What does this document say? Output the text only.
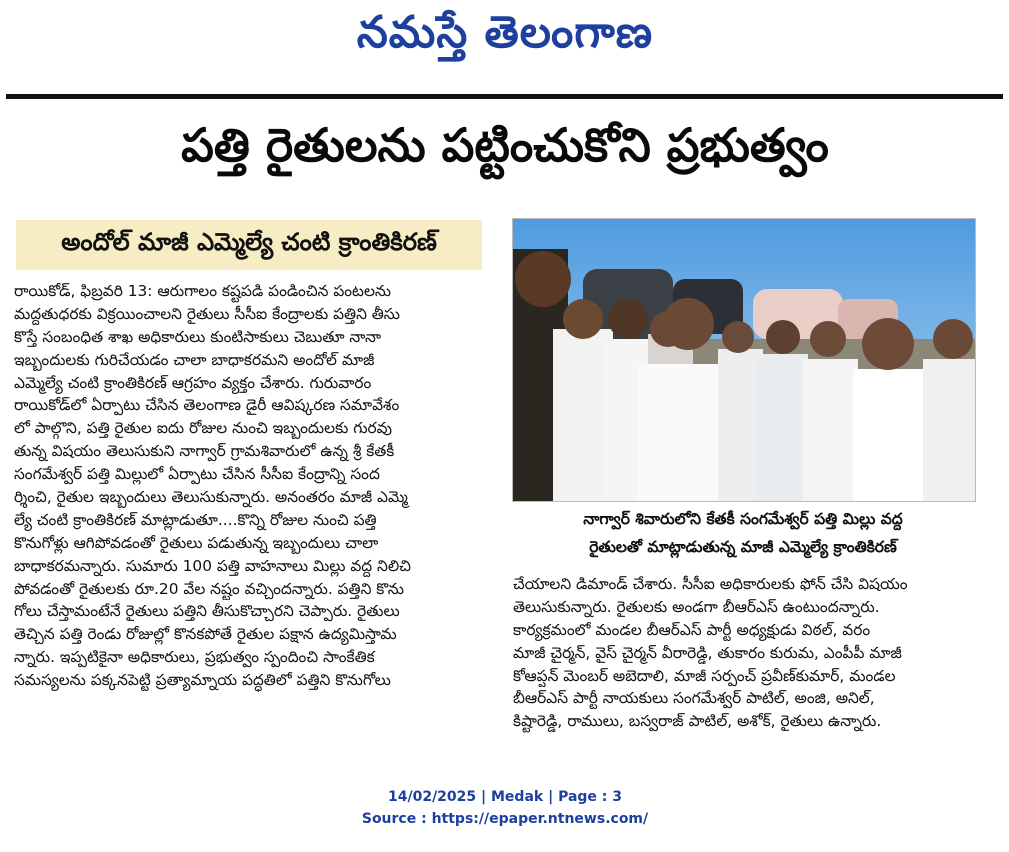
నమస్తే తెలంగాణ
పత్తి రైతులను పట్టించుకోని ప్రభుత్వం
అందోల్ మాజీ ఎమ్మెల్యే చంటి క్రాంతికిరణ్
రాయికోడ్, ఫిబ్రవరి 13: ఆరుగాలం కష్టపడి పండించిన పంటలను
మద్దతుధరకు విక్రయించాలని రైతులు సీసీఐ కేంద్రాలకు పత్తిని తీసు
కొస్తే సంబంధిత శాఖ అధికారులు కుంటిసాకులు చెబుతూ నానా
ఇబ్బందులకు గురిచేయడం చాలా బాధాకరమని అందోల్ మాజీ
ఎమ్మెల్యే చంటి క్రాంతికిరణ్ ఆగ్రహం వ్యక్తం చేశారు. గురువారం
రాయికోడ్‌లో ఏర్పాటు చేసిన తెలంగాణ డైరీ ఆవిష్కరణ సమావేశం
లో పాల్గొని, పత్తి రైతుల ఐదు రోజుల నుంచి ఇబ్బందులకు గురవు
తున్న విషయం తెలుసుకుని నాగ్వార్ గ్రామశివారులో ఉన్న శ్రీ కేతకీ
సంగమేశ్వర్ పత్తి మిల్లులో ఏర్పాటు చేసిన సీసీఐ కేంద్రాన్ని సంద
ర్శించి, రైతుల ఇబ్బందులు తెలుసుకున్నారు. అనంతరం మాజీ ఎమ్మె
ల్యే చంటి క్రాంతికిరణ్ మాట్లాడుతూ....కొన్ని రోజుల నుంచి పత్తి
కొనుగోళ్లు ఆగిపోవడంతో రైతులు పడుతున్న ఇబ్బందులు చాలా
బాధాకరమన్నారు. సుమారు 100 పత్తి వాహనాలు మిల్లు వద్ద నిలిచి
పోవడంతో రైతులకు రూ.20 వేల నష్టం వచ్చిందన్నారు. పత్తిని కొను
గోలు చేస్తామంటేనే రైతులు పత్తిని తీసుకొచ్చారని చెప్పారు. రైతులు
తెచ్చిన పత్తి రెండు రోజుల్లో కొనకపోతే రైతుల పక్షాన ఉద్యమిస్తామ
న్నారు. ఇప్పటికైనా అధికారులు, ప్రభుత్వం స్పందించి సాంకేతిక
సమస్యలను పక్కనపెట్టి ప్రత్యామ్నాయ పద్ధతిలో పత్తిని కొనుగోలు
నాగ్వార్ శివారులోని కేతకీ సంగమేశ్వర్ పత్తి మిల్లు వద్ద
రైతులతో మాట్లాడుతున్న మాజీ ఎమ్మెల్యే క్రాంతికిరణ్
చేయాలని డిమాండ్ చేశారు. సీసీఐ అధికారులకు ఫోన్ చేసి విషయం
తెలుసుకున్నారు. రైతులకు అండగా బీఆర్‌ఎస్ ఉంటుందన్నారు.
కార్యక్రమంలో మండల బీఆర్‌ఎస్ పార్టీ అధ్యక్షుడు విఠల్, వరం
మాజీ చైర్మన్, వైస్ చైర్మన్ వీరారెడ్డి, తుకారం కురుమ, ఎంపీపీ మాజీ
కోఆప్షన్ మెంబర్ అబెదాలి, మాజీ సర్పంచ్ ప్రవీణ్‌కుమార్, మండల
బీఆర్‌ఎస్ పార్టీ నాయకులు సంగమేశ్వర్ పాటిల్, అంజి, అనిల్,
కిష్టారెడ్డి, రాములు, బస్వరాజ్ పాటిల్, అశోక్, రైతులు ఉన్నారు.
14/02/2025 | Medak | Page : 3
Source : https://epaper.ntnews.com/
